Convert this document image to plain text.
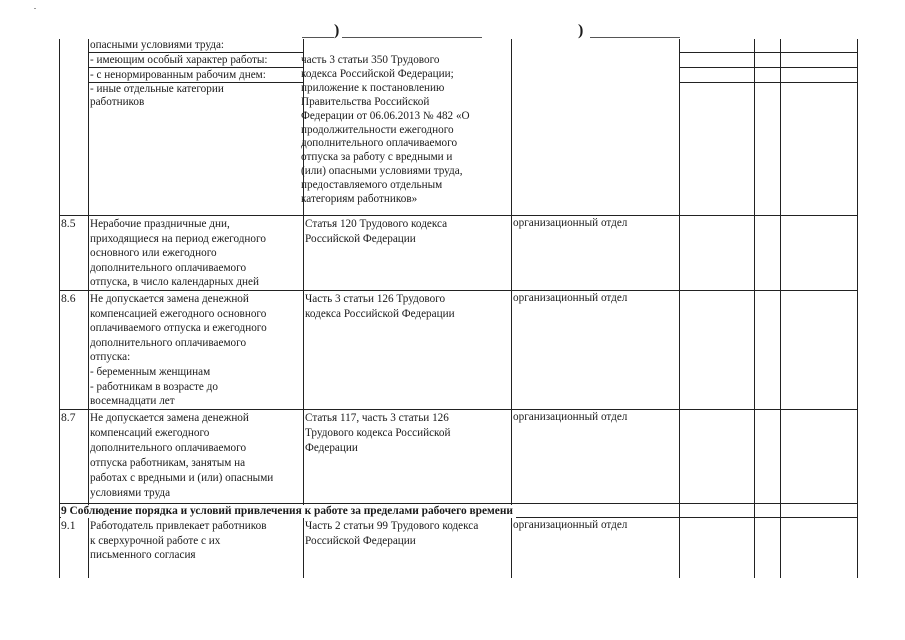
)	)
опасными условиями труда:
- имеющим особый характер работы:
- с ненормированным рабочим днем:
- иные отдельные категории
работников
часть 3 статьи 350 Трудового
кодекса Российской Федерации;
приложение к постановлению
Правительства Российской
Федерации от 06.06.2013 № 482 «О
продолжительности ежегодного
дополнительного оплачиваемого
отпуска за работу с вредными и
(или) опасными условиями труда,
предоставляемого отдельным
категориям работников»
8.5 Нерабочие праздничные дни,
приходящиеся на период ежегодного
основного или ежегодного
дополнительного оплачиваемого
отпуска, в число календарных дней
Статья 120 Трудового кодекса
Российской Федерации
организационный отдел
8.6 Не допускается замена денежной
компенсацией ежегодного основного
оплачиваемого отпуска и ежегодного
дополнительного оплачиваемого
отпуска:
- беременным женщинам
- работникам в возрасте до
восемнадцати лет
Часть 3 статьи 126 Трудового
кодекса Российской Федерации
организационный отдел
8.7 Не допускается замена денежной
компенсаций ежегодного
дополнительного оплачиваемого
отпуска работникам, занятым на
работах с вредными и (или) опасными
условиями труда
Статья 117, часть 3 статьи 126
Трудового кодекса Российской
Федерации
организационный отдел
9 Соблюдение порядка и условий привлечения к работе за пределами рабочего времени
9.1 Работодатель привлекает работников
к сверхурочной работе с их
письменного согласия
Часть 2 статьи 99 Трудового кодекса
Российской Федерации
организационный отдел
